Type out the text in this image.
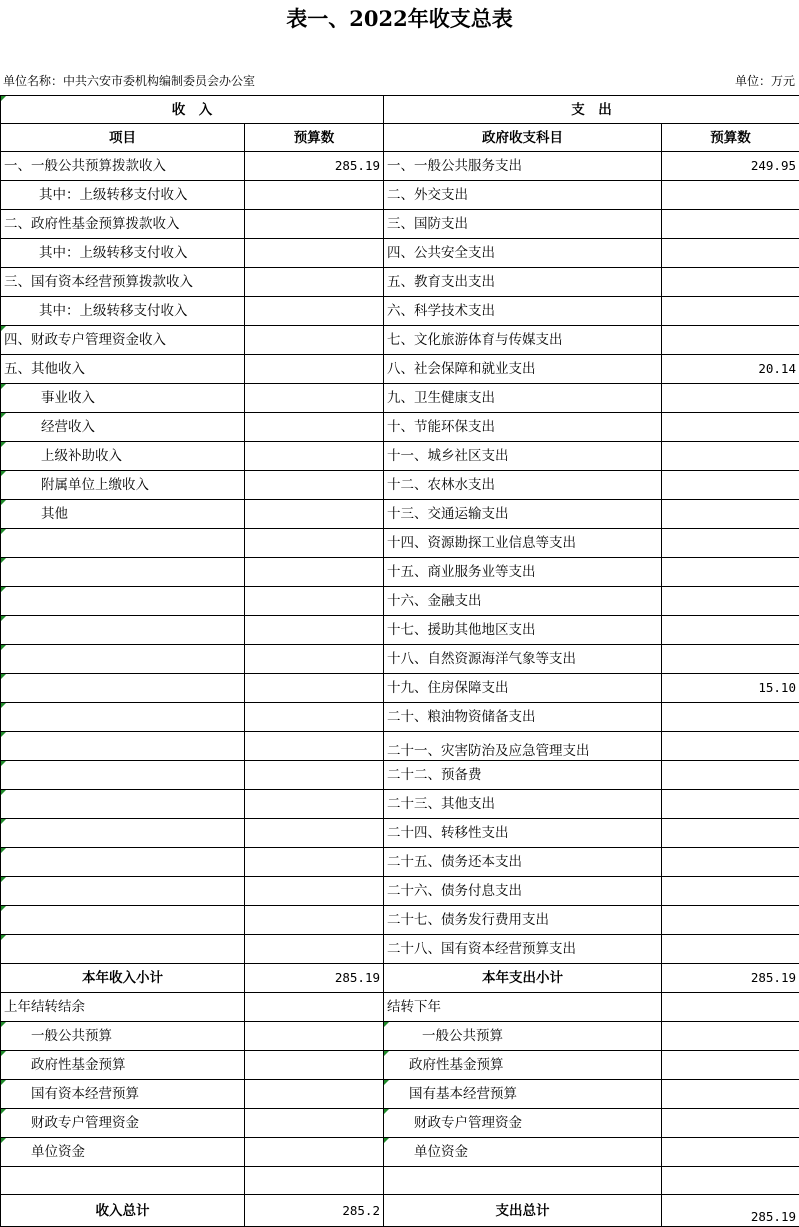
表一、2022年收支总表
单位名称：中共六安市委机构编制委员会办公室	单位：万元
收　入		支　出	
项目	预算数	政府收支科目	预算数
一、一般公共预算拨款收入	285.19	一、一般公共服务支出	249.95
其中：上级转移支付收入		二、外交支出	
二、政府性基金预算拨款收入		三、国防支出	
其中：上级转移支付收入		四、公共安全支出	
三、国有资本经营预算拨款收入		五、教育支出支出	
其中：上级转移支付收入		六、科学技术支出	
四、财政专户管理资金收入		七、文化旅游体育与传媒支出	
五、其他收入		八、社会保障和就业支出	20.14
事业收入		九、卫生健康支出	
经营收入		十、节能环保支出	
上级补助收入		十一、城乡社区支出	
附属单位上缴收入		十二、农林水支出	
其他		十三、交通运输支出	
		十四、资源勘探工业信息等支出	
		十五、商业服务业等支出	
		十六、金融支出	
		十七、援助其他地区支出	
		十八、自然资源海洋气象等支出	
		十九、住房保障支出	15.10
		二十、粮油物资储备支出	
		二十一、灾害防治及应急管理支出	
		二十二、预备费	
		二十三、其他支出	
		二十四、转移性支出	
		二十五、债务还本支出	
		二十六、债务付息支出	
		二十七、债务发行费用支出	
		二十八、国有资本经营预算支出	
本年收入小计	285.19	本年支出小计	285.19
上年结转结余		结转下年	
一般公共预算		一般公共预算	
政府性基金预算		政府性基金预算	
国有资本经营预算		国有基本经营预算	
财政专户管理资金		财政专户管理资金	
单位资金		单位资金	

收入总计	285.2	支出总计	285.19
